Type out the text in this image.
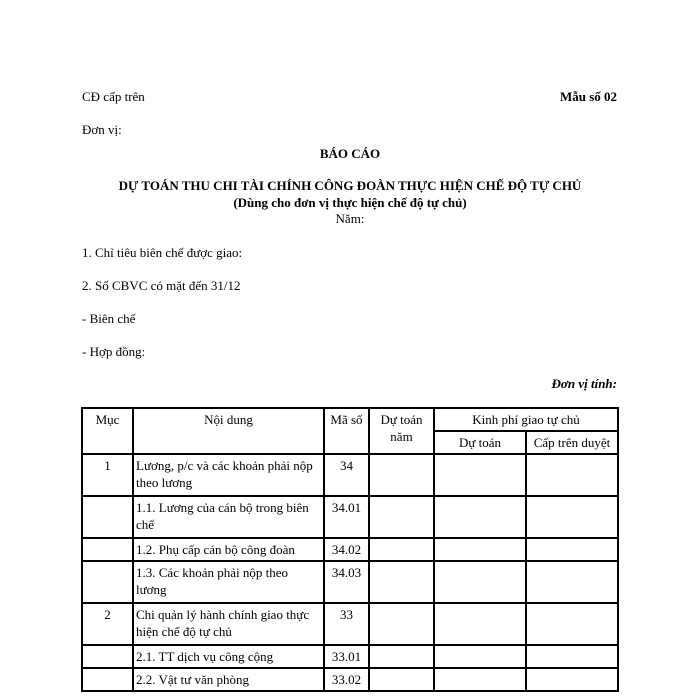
CĐ cấp trên	Mẫu số 02
Đơn vị:
BÁO CÁO
DỰ TOÁN THU CHI TÀI CHÍNH CÔNG ĐOÀN THỰC HIỆN CHẾ ĐỘ TỰ CHỦ
(Dùng cho đơn vị thực hiện chế độ tự chủ)
Năm:
1. Chỉ tiêu biên chế được giao:
2. Số CBVC có mặt đến 31/12
- Biên chế
- Hợp đồng:
Đơn vị tính:
Mục	Nội dung	Mã số	Dự toán năm	Kinh phí giao tự chủ	
				Dự toán	Cấp trên duyệt
1	Lương, p/c và các khoản phải nộp theo lương	34			
	1.1. Lương của cán bộ trong biên chế	34.01			
	1.2. Phụ cấp cán bộ công đoàn	34.02			
	1.3. Các khoản phải nộp theo lương	34.03			
2	Chi quản lý hành chính giao thực hiện chế độ tự chủ	33			
	2.1. TT dịch vụ công cộng	33.01			
	2.2. Vật tư văn phòng	33.02			
